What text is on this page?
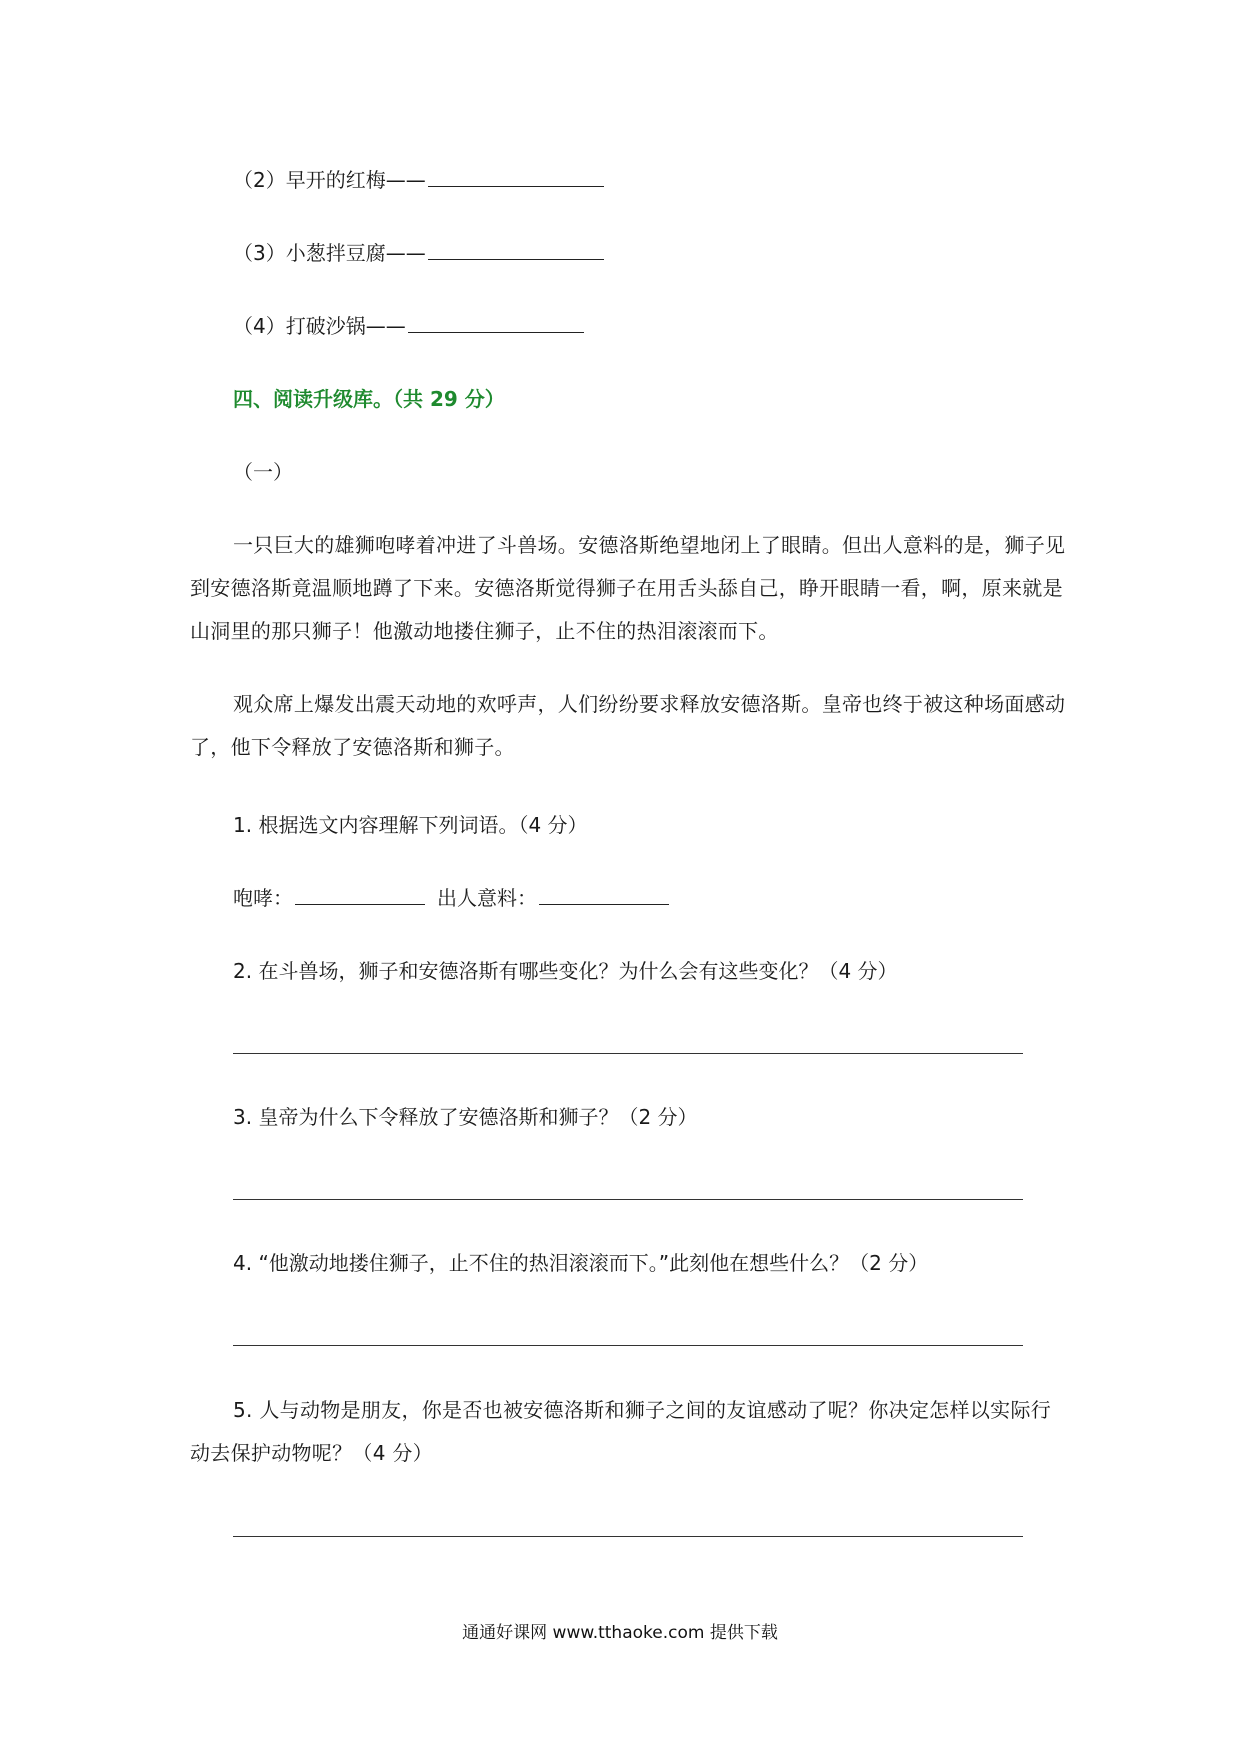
（2）早开的红梅——
（3）小葱拌豆腐——
（4）打破沙锅——
四、阅读升级库。（共 29 分）
（一）
一只巨大的雄狮咆哮着冲进了斗兽场。安德洛斯绝望地闭上了眼睛。但出人意料的是，狮子见到安德洛斯竟温顺地蹲了下来。安德洛斯觉得狮子在用舌头舔自己，睁开眼睛一看，啊，原来就是山洞里的那只狮子！他激动地搂住狮子，止不住的热泪滚滚而下。
观众席上爆发出震天动地的欢呼声，人们纷纷要求释放安德洛斯。皇帝也终于被这种场面感动了，他下令释放了安德洛斯和狮子。
1. 根据选文内容理解下列词语。（4 分）
咆哮：	出人意料：
2. 在斗兽场，狮子和安德洛斯有哪些变化？为什么会有这些变化？（4 分）
3. 皇帝为什么下令释放了安德洛斯和狮子？（2 分）
4. “他激动地搂住狮子，止不住的热泪滚滚而下。”此刻他在想些什么？（2 分）
5. 人与动物是朋友，你是否也被安德洛斯和狮子之间的友谊感动了呢？你决定怎样以实际行动去保护动物呢？（4 分）
通通好课网 www.tthaoke.com 提供下载
